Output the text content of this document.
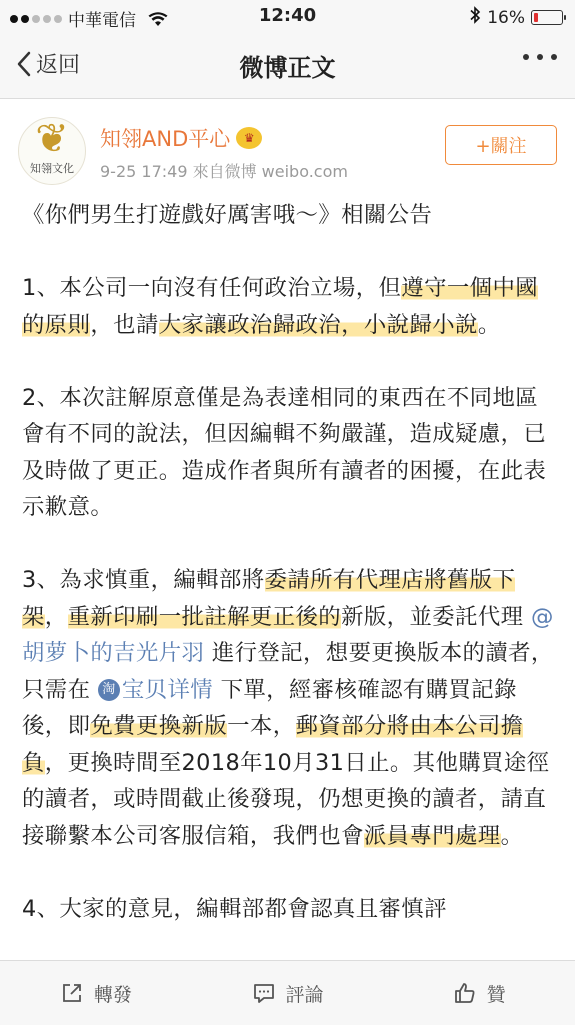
中華電信	12:40	16%
返回	微博正文
❦
知翎文化
知翎AND平心	♛
9-25 17:49 來自微博 weibo.com
+關注

《你們男生打遊戲好厲害哦～》相關公告

1、本公司一向沒有任何政治立場，但遵守一個中國的原則，也請大家讓政治歸政治，小說歸小說。

2、本次註解原意僅是為表達相同的東西在不同地區會有不同的說法，但因編輯不夠嚴謹，造成疑慮，已及時做了更正。造成作者與所有讀者的困擾，在此表示歉意。

3、為求慎重，編輯部將委請所有代理店將舊版下架，重新印刷一批註解更正後的新版，並委託代理 @胡萝卜的吉光片羽 進行登記，想要更換版本的讀者，只需在 淘 宝贝详情 下單，經審核確認有購買記錄後，即免費更換新版一本，郵資部分將由本公司擔負，更換時間至2018年10月31日止。其他購買途徑的讀者，或時間截止後發現，仍想更換的讀者，請直接聯繫本公司客服信箱，我們也會派員專門處理。

4、大家的意見，編輯部都會認真且審慎評

轉發	評論	贊
